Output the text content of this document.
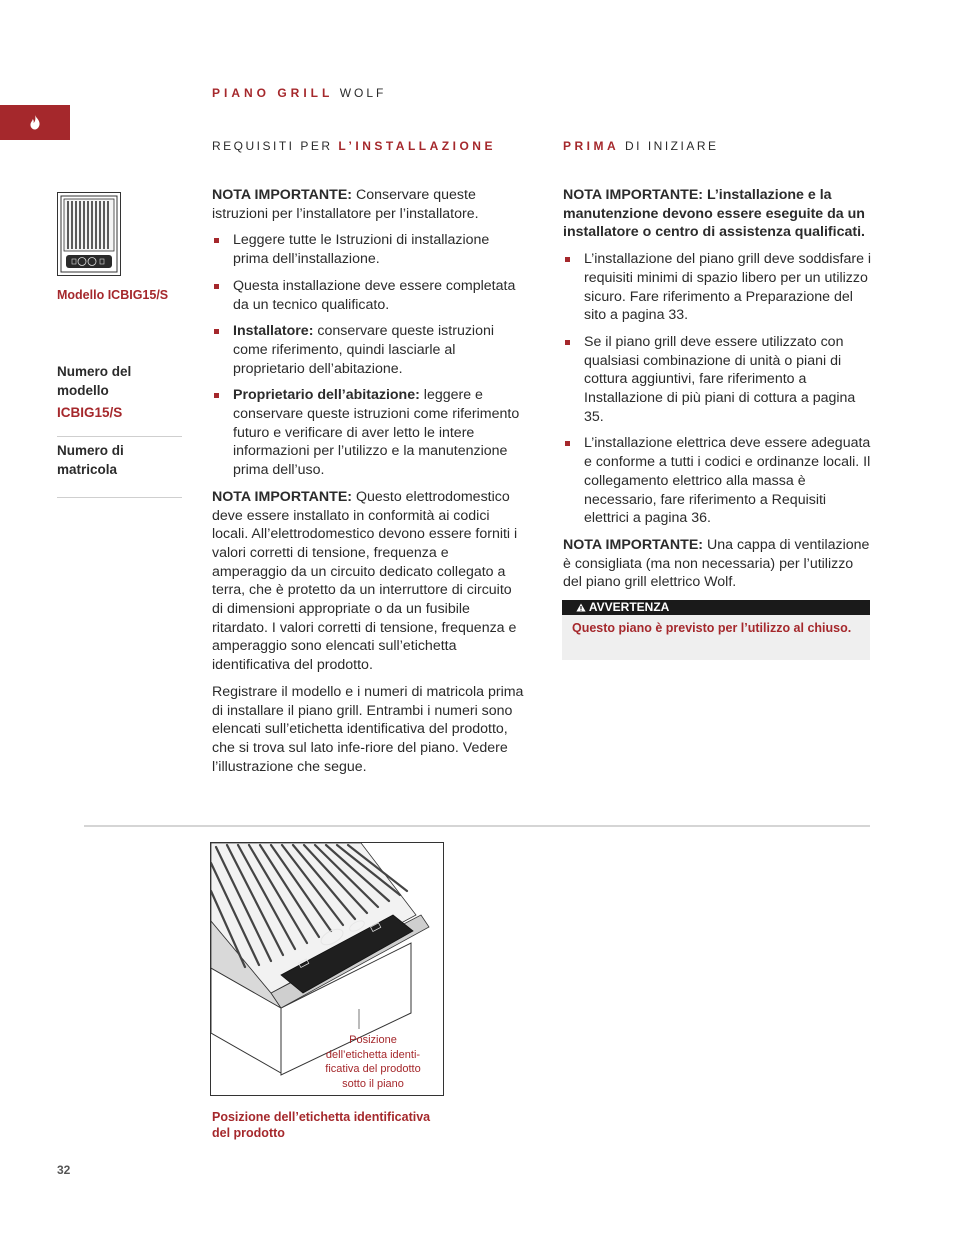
PIANO GRILL WOLF
REQUISITI PER L’INSTALLAZIONE	PRIMA DI INIZIARE
Modello ICBIG15/S
Numero del
modello
ICBIG15/S
Numero di
matricola

NOTA IMPORTANTE: Conservare queste istruzioni per l’installatore per l’installatore.

Leggere tutte le Istruzioni di installazione prima dell’installazione.
Questa installazione deve essere completata da un tecnico qualificato.
Installatore: conservare queste istruzioni come riferimento, quindi lasciarle al proprietario dell’abitazione.
Proprietario dell’abitazione: leggere e conservare queste istruzioni come riferimento futuro e verificare di aver letto le intere informazioni per l’utilizzo e la manutenzione prima dell’uso.

NOTA IMPORTANTE: Questo elettrodomestico deve essere installato in conformità ai codici locali. All’elettrodomestico devono essere forniti i valori corretti di tensione, frequenza e amperaggio da un circuito dedicato collegato a terra, che è protetto da un interruttore di circuito di dimensioni appropriate o da un fusibile ritardato. I valori corretti di tensione, frequenza e amperaggio sono elencati sull’etichetta identificativa del prodotto.

Registrare il modello e i numeri di matricola prima di installare il piano grill. Entrambi i numeri sono elencati sull’etichetta identificativa del prodotto, che si trova sul lato infe-riore del piano. Vedere l’illustrazione che segue.

NOTA IMPORTANTE: L’installazione e la manutenzione devono essere eseguite da un installatore o centro di assistenza qualificati.

L’installazione del piano grill deve soddisfare i requisiti minimi di spazio libero per un utilizzo sicuro. Fare riferimento a Preparazione del sito a pagina 33.
Se il piano grill deve essere utilizzato con qualsiasi combinazione di unità o piani di cottura aggiuntivi, fare riferimento a Installazione di più piani di cottura a pagina 35.
L’installazione elettrica deve essere adeguata e conforme a tutti i codici e ordinanze locali. Il collegamento elettrico alla massa è necessario, fare riferimento a Requisiti elettrici a pagina 36.

NOTA IMPORTANTE: Una cappa di ventilazione è consigliata (ma non necessaria) per l’utilizzo del piano grill elettrico Wolf.

AVVERTENZA
Questo piano è previsto per l’utilizzo al chiuso.
Posizione
dell’etichetta identi-
ficativa del prodotto
sotto il piano
Posizione dell’etichetta identificativa del prodotto
32
